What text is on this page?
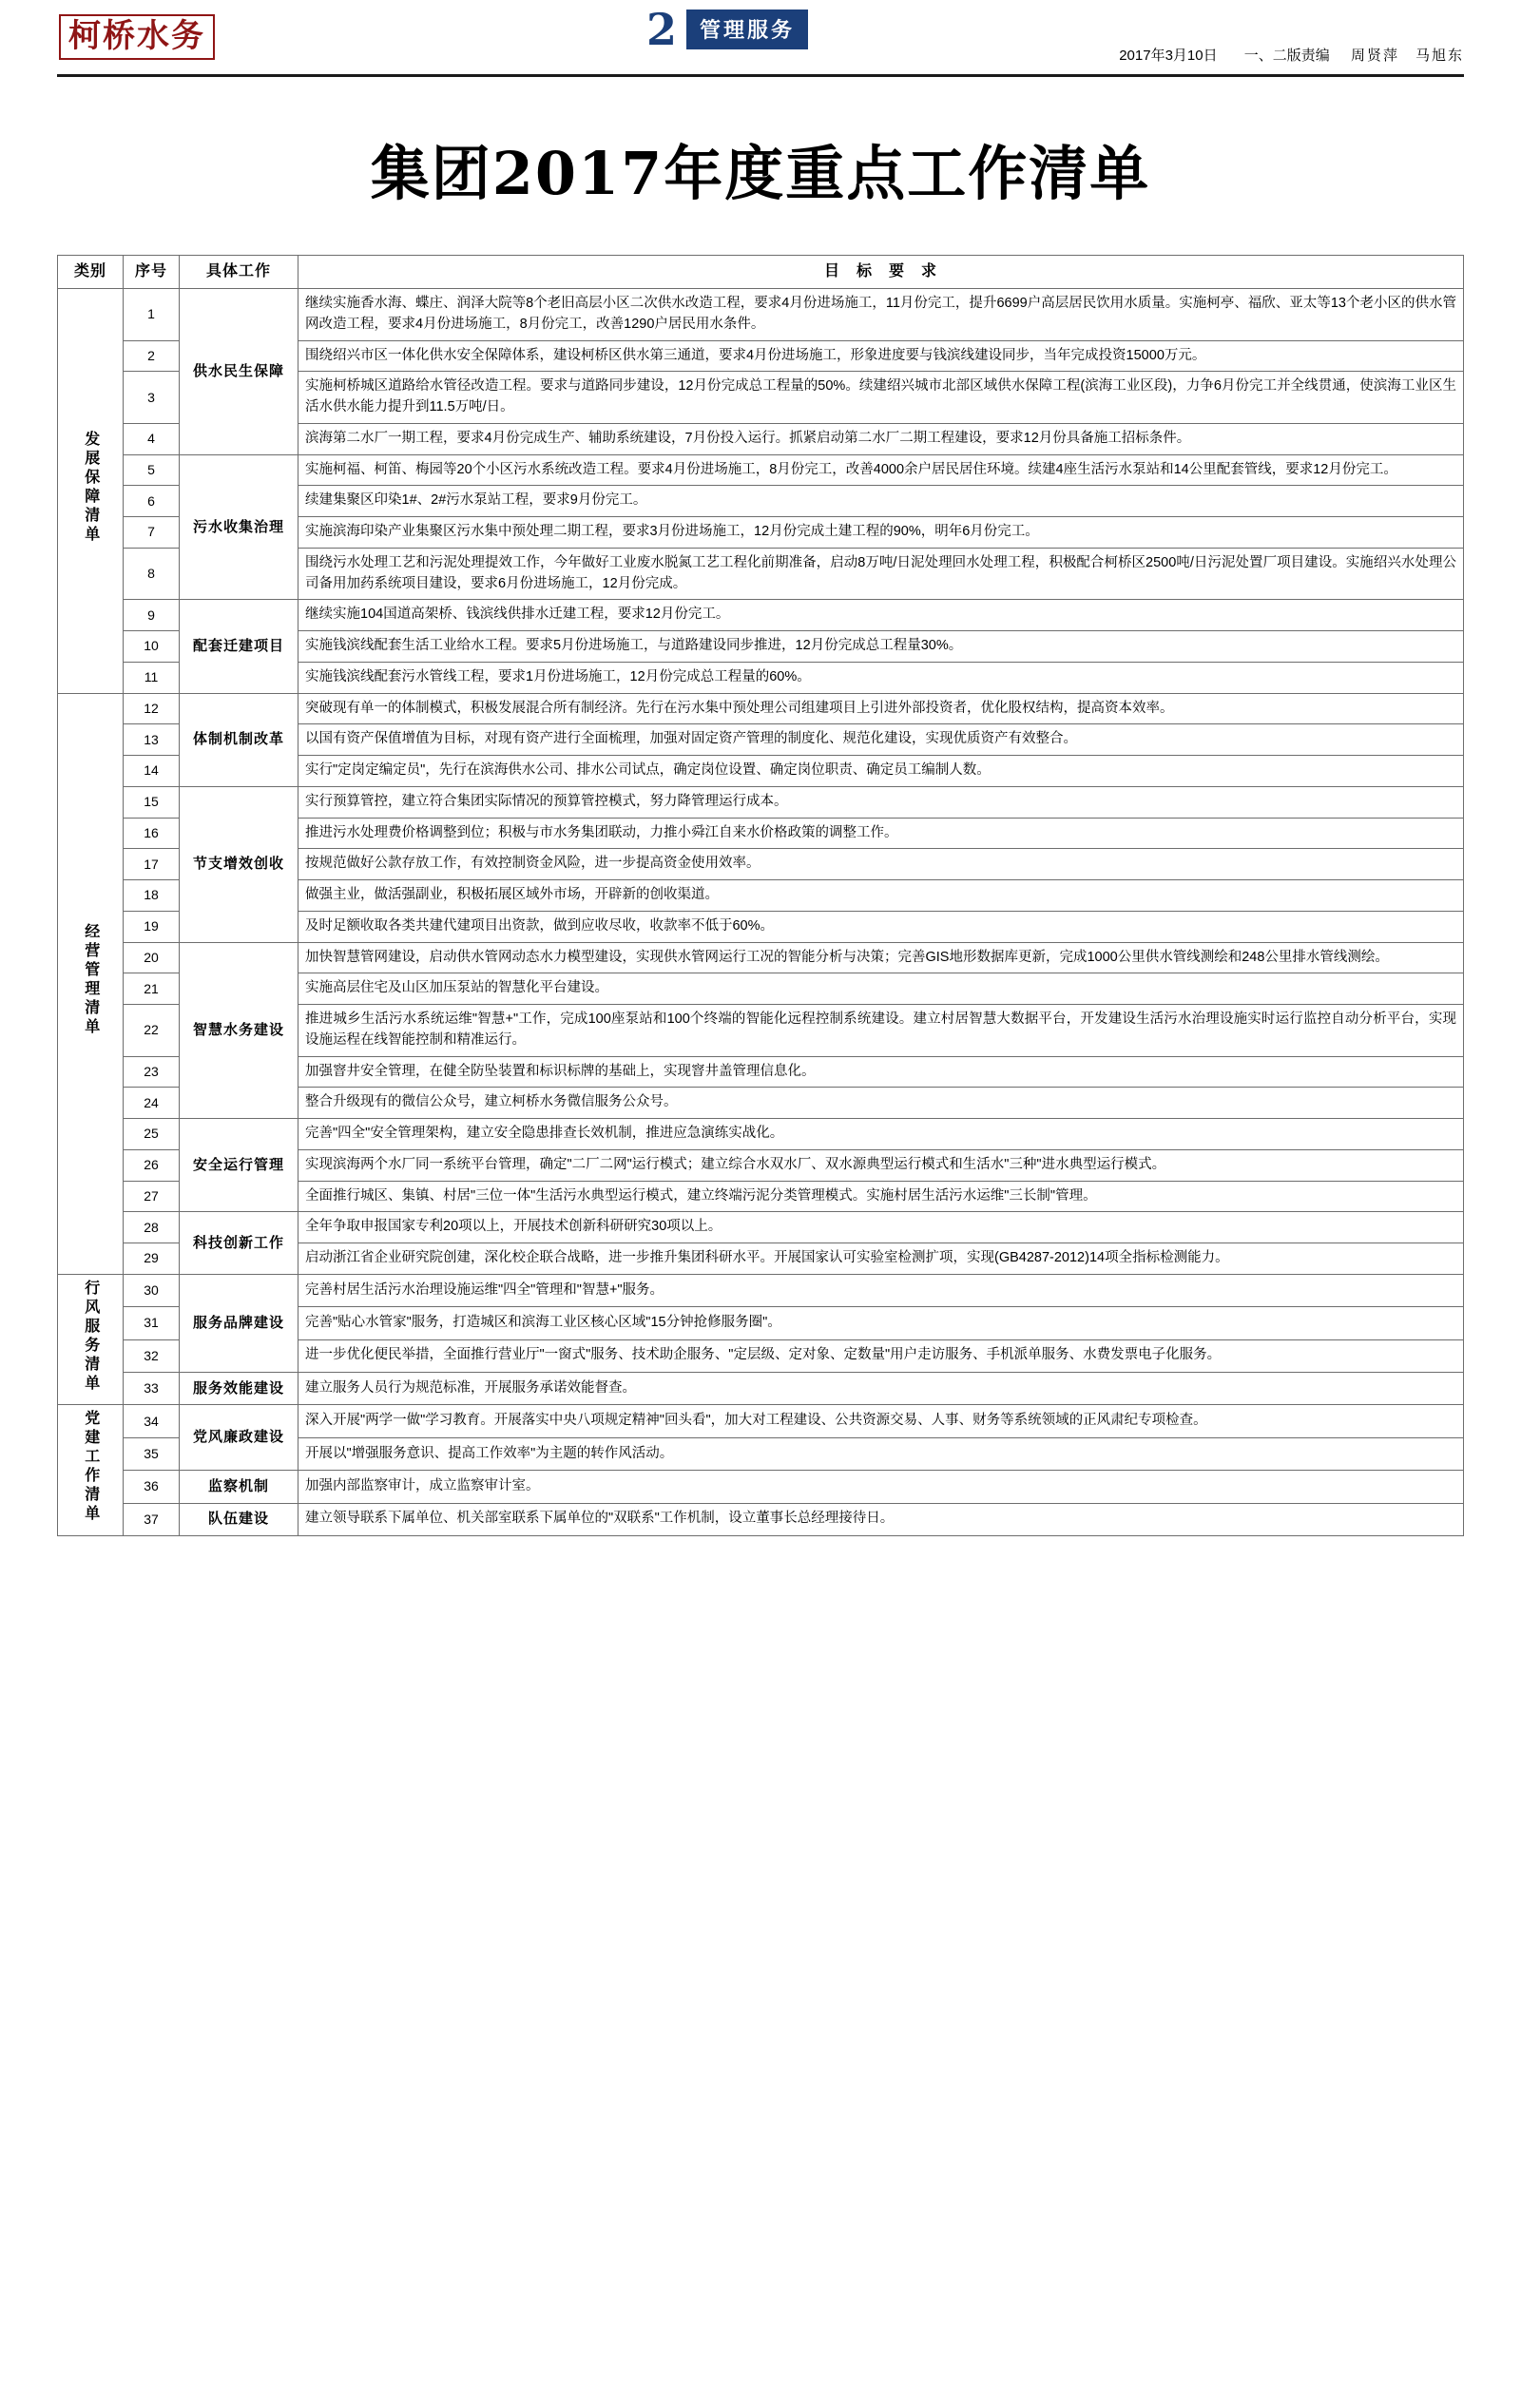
柯桥水务	2	管理服务
2017年3月10日 一、二版责编 周贤萍　马旭东
集团2017年度重点工作清单
类别	序号	具体工作	目　标　要　求
发展保障清单	1	供水民生保障	继续实施香水海、蝶庄、润泽大院等8个老旧高层小区二次供水改造工程，要求4月份进场施工，11月份完工，提升6699户高层居民饮用水质量。实施柯亭、福欣、亚太等13个老小区的供水管网改造工程，要求4月份进场施工，8月份完工，改善1290户居民用水条件。
	2		围绕绍兴市区一体化供水安全保障体系，建设柯桥区供水第三通道，要求4月份进场施工，形象进度要与钱滨线建设同步，当年完成投资15000万元。
	3		实施柯桥城区道路给水管径改造工程。要求与道路同步建设，12月份完成总工程量的50%。续建绍兴城市北部区域供水保障工程(滨海工业区段)，力争6月份完工并全线贯通，使滨海工业区生活水供水能力提升到11.5万吨/日。
	4		滨海第二水厂一期工程，要求4月份完成生产、辅助系统建设，7月份投入运行。抓紧启动第二水厂二期工程建设，要求12月份具备施工招标条件。
	5	污水收集治理	实施柯福、柯笛、梅园等20个小区污水系统改造工程。要求4月份进场施工，8月份完工，改善4000余户居民居住环境。续建4座生活污水泵站和14公里配套管线，要求12月份完工。
	6		续建集聚区印染1#、2#污水泵站工程，要求9月份完工。
	7		实施滨海印染产业集聚区污水集中预处理二期工程，要求3月份进场施工，12月份完成土建工程的90%，明年6月份完工。
	8		围绕污水处理工艺和污泥处理提效工作，今年做好工业废水脱氮工艺工程化前期准备，启动8万吨/日泥处理回水处理工程，积极配合柯桥区2500吨/日污泥处置厂项目建设。实施绍兴水处理公司备用加药系统项目建设，要求6月份进场施工，12月份完成。
	9	配套迁建项目	继续实施104国道高架桥、钱滨线供排水迁建工程，要求12月份完工。
	10		实施钱滨线配套生活工业给水工程。要求5月份进场施工，与道路建设同步推进，12月份完成总工程量30%。
	11		实施钱滨线配套污水管线工程，要求1月份进场施工，12月份完成总工程量的60%。
经营管理清单	12	体制机制改革	突破现有单一的体制模式，积极发展混合所有制经济。先行在污水集中预处理公司组建项目上引进外部投资者，优化股权结构，提高资本效率。
	13		以国有资产保值增值为目标，对现有资产进行全面梳理，加强对固定资产管理的制度化、规范化建设，实现优质资产有效整合。
	14		实行"定岗定编定员"，先行在滨海供水公司、排水公司试点，确定岗位设置、确定岗位职责、确定员工编制人数。
	15	节支增效创收	实行预算管控，建立符合集团实际情况的预算管控模式，努力降管理运行成本。
	16		推进污水处理费价格调整到位；积极与市水务集团联动，力推小舜江自来水价格政策的调整工作。
	17		按规范做好公款存放工作，有效控制资金风险，进一步提高资金使用效率。
	18		做强主业，做活强副业，积极拓展区域外市场，开辟新的创收渠道。
	19		及时足额收取各类共建代建项目出资款，做到应收尽收，收款率不低于60%。
	20	智慧水务建设	加快智慧管网建设，启动供水管网动态水力模型建设，实现供水管网运行工况的智能分析与决策；完善GIS地形数据库更新，完成1000公里供水管线测绘和248公里排水管线测绘。
	21		实施高层住宅及山区加压泵站的智慧化平台建设。
	22		推进城乡生活污水系统运维"智慧+"工作，完成100座泵站和100个终端的智能化远程控制系统建设。建立村居智慧大数据平台，开发建设生活污水治理设施实时运行监控自动分析平台，实现设施运程在线智能控制和精准运行。
	23		加强窨井安全管理，在健全防坠装置和标识标牌的基础上，实现窨井盖管理信息化。
	24		整合升级现有的微信公众号，建立柯桥水务微信服务公众号。
	25	安全运行管理	完善"四全"安全管理架构，建立安全隐患排查长效机制，推进应急演练实战化。
	26		实现滨海两个水厂同一系统平台管理，确定"二厂二网"运行模式；建立综合水双水厂、双水源典型运行模式和生活水"三种"进水典型运行模式。
	27		全面推行城区、集镇、村居"三位一体"生活污水典型运行模式，建立终端污泥分类管理模式。实施村居生活污水运维"三长制"管理。
	28	科技创新工作	全年争取申报国家专利20项以上，开展技术创新科研研究30项以上。
	29		启动浙江省企业研究院创建，深化校企联合战略，进一步推升集团科研水平。开展国家认可实验室检测扩项，实现(GB4287-2012)14项全指标检测能力。
行风服务清单	30	服务品牌建设	完善村居生活污水治理设施运维"四全"管理和"智慧+"服务。
	31		完善"贴心水管家"服务，打造城区和滨海工业区核心区域"15分钟抢修服务圈"。
	32		进一步优化便民举措，全面推行营业厅"一窗式"服务、技术助企服务、"定层级、定对象、定数量"用户走访服务、手机派单服务、水费发票电子化服务。
	33	服务效能建设	建立服务人员行为规范标准，开展服务承诺效能督查。
党建工作清单	34	党风廉政建设	深入开展"两学一做"学习教育。开展落实中央八项规定精神"回头看"，加大对工程建设、公共资源交易、人事、财务等系统领域的正风肃纪专项检查。
	35		开展以"增强服务意识、提高工作效率"为主题的转作风活动。
	36	监察机制	加强内部监察审计，成立监察审计室。
	37	队伍建设	建立领导联系下属单位、机关部室联系下属单位的"双联系"工作机制，设立董事长总经理接待日。
